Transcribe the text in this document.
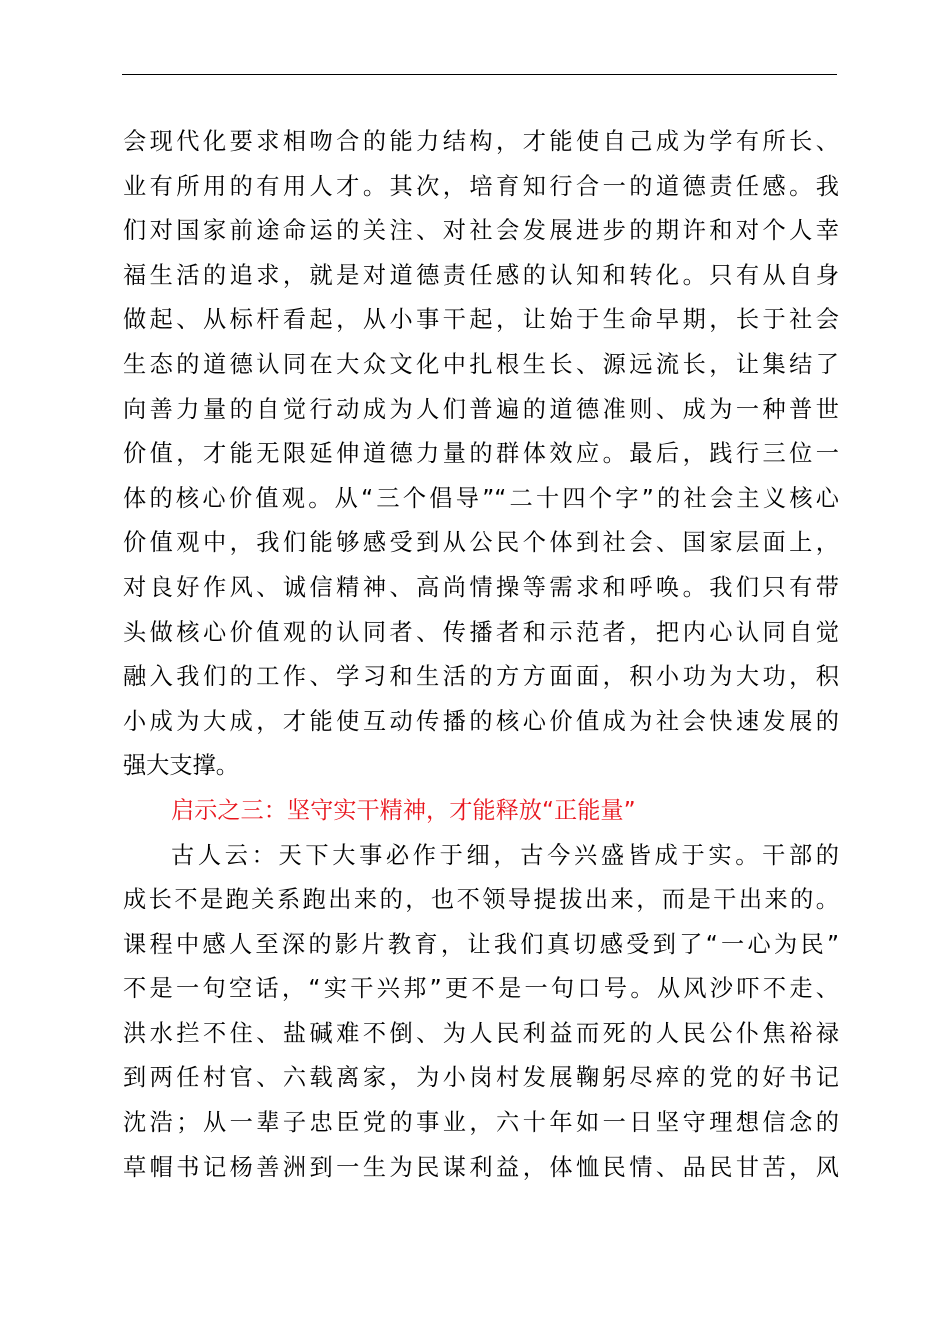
会现代化要求相吻合的能力结构，才能使自己成为学有所长、
业有所用的有用人才。其次，培育知行合一的道德责任感。我
们对国家前途命运的关注、对社会发展进步的期许和对个人幸
福生活的追求，就是对道德责任感的认知和转化。只有从自身
做起、从标杆看起，从小事干起，让始于生命早期，长于社会
生态的道德认同在大众文化中扎根生长、源远流长，让集结了
向善力量的自觉行动成为人们普遍的道德准则、成为一种普世
价值，才能无限延伸道德力量的群体效应。最后，践行三位一
体的核心价值观。从“三个倡导”“二十四个字”的社会主义核心
价值观中，我们能够感受到从公民个体到社会、国家层面上，
对良好作风、诚信精神、高尚情操等需求和呼唤。我们只有带
头做核心价值观的认同者、传播者和示范者，把内心认同自觉
融入我们的工作、学习和生活的方方面面，积小功为大功，积
小成为大成，才能使互动传播的核心价值成为社会快速发展的
强大支撑。
启示之三：坚守实干精神，才能释放“正能量”
古人云：天下大事必作于细，古今兴盛皆成于实。干部的
成长不是跑关系跑出来的，也不领导提拔出来，而是干出来的。
课程中感人至深的影片教育，让我们真切感受到了“一心为民”
不是一句空话，“实干兴邦”更不是一句口号。从风沙吓不走、
洪水拦不住、盐碱难不倒、为人民利益而死的人民公仆焦裕禄
到两任村官、六载离家，为小岗村发展鞠躬尽瘁的党的好书记
沈浩；从一辈子忠臣党的事业，六十年如一日坚守理想信念的
草帽书记杨善洲到一生为民谋利益，体恤民情、品民甘苦，风
